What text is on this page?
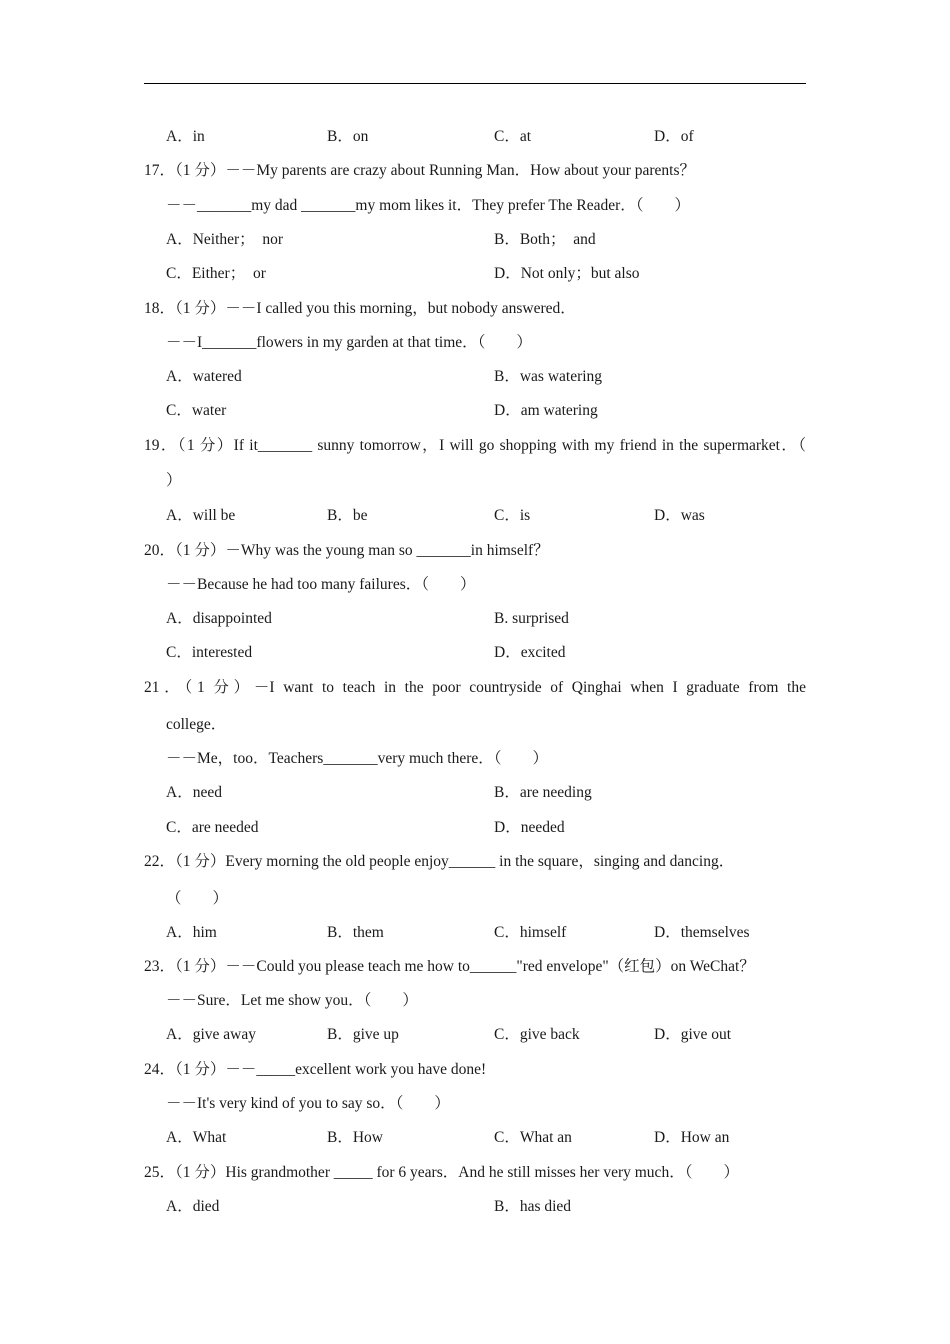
A．in	B．on	C．at	D．of
17．（1 分）－－My parents are crazy about Running Man．How about your parents？
－－_______my dad _______my mom likes it．They prefer The Reader．（　　）
A．Neither；  nor	B．Both；  and
C．Either；  or	D．Not only；but also
18．（1 分）－－I called you this morning，but nobody answered．
－－I_______flowers in my garden at that time．（　　）
A．watered	B．was watering
C．water	D．am watering
19．（1 分）If it_______ sunny tomorrow，I will go shopping with my friend in the supermarket．（
）
A．will be	B．be	C．is	D．was
20．（1 分）－Why was the young man so _______in himself？
－－Because he had too many failures．（　　）
A．disappointed	B. surprised
C．interested	D．excited
21．（1 分）－I want to teach in the poor countryside of Qinghai when I graduate from the
college．
－－Me，too．Teachers_______very much there．（　　）
A．need	B．are needing
C．are needed	D．needed
22．（1 分）Every morning the old people enjoy______ in the square，singing and dancing．
（　　）
A．him	B．them	C．himself	D．themselves
23．（1 分）－－Could you please teach me how to______"red envelope"（红包）on WeChat？
－－Sure．Let me show you．（　　）
A．give away	B．give up	C．give back	D．give out
24．（1 分）－－_____excellent work you have done!
－－It's very kind of you to say so．（　　）
A．What	B．How	C．What an	D．How an
25．（1 分）His grandmother _____ for 6 years．And he still misses her very much．（　　）
A．died	B．has died
